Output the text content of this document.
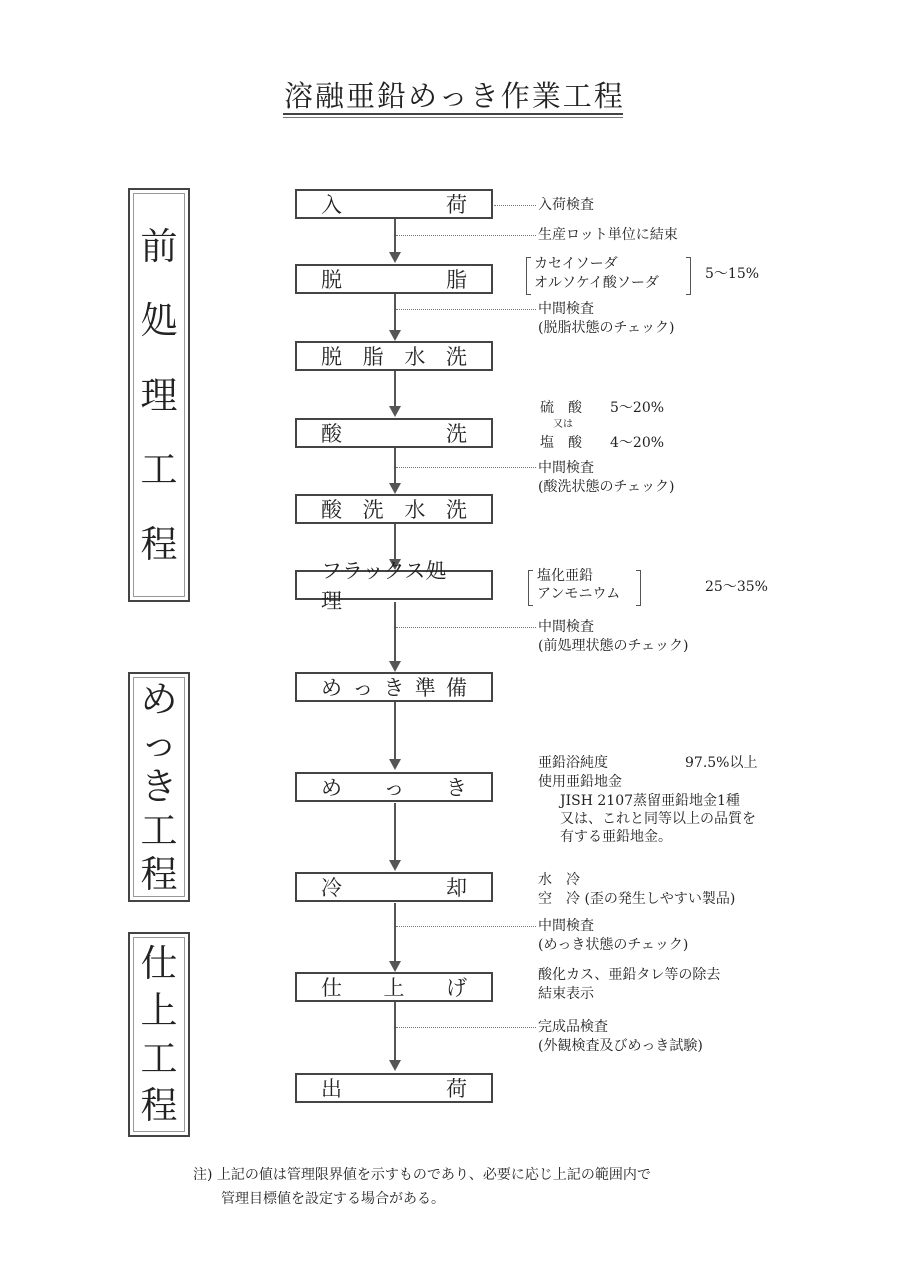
溶融亜鉛めっき作業工程
前
処
理
工
程
め
っ
き
工
程
仕
上
工
程
入	荷
脱	脂
脱 脂 水 洗
酸	洗
酸 洗 水 洗
フラックス処理
め っ き 準 備
め っ き
冷	却
仕 上 げ
出	荷
入荷検査
生産ロット単位に結束
カセイソーダ
オルソケイ酸ソーダ
5～15%
中間検査
(脱脂状態のチェック)
硫　酸　　5～20%
又は
塩　酸　　4～20%
中間検査
(酸洗状態のチェック)
塩化亜鉛
アンモニウム	25～35%
中間検査
(前処理状態のチェック)
亜鉛浴純度	97.5%以上
使用亜鉛地金
JISH 2107蒸留亜鉛地金1種
又は、これと同等以上の品質を
有する亜鉛地金。
水　冷
空　冷 (歪の発生しやすい製品)
中間検査
(めっき状態のチェック)
酸化カス、亜鉛タレ等の除去
結束表示
完成品検査
(外観検査及びめっき試験)
注) 上記の値は管理限界値を示すものであり、必要に応じ上記の範囲内で
　　管理目標値を設定する場合がある。
